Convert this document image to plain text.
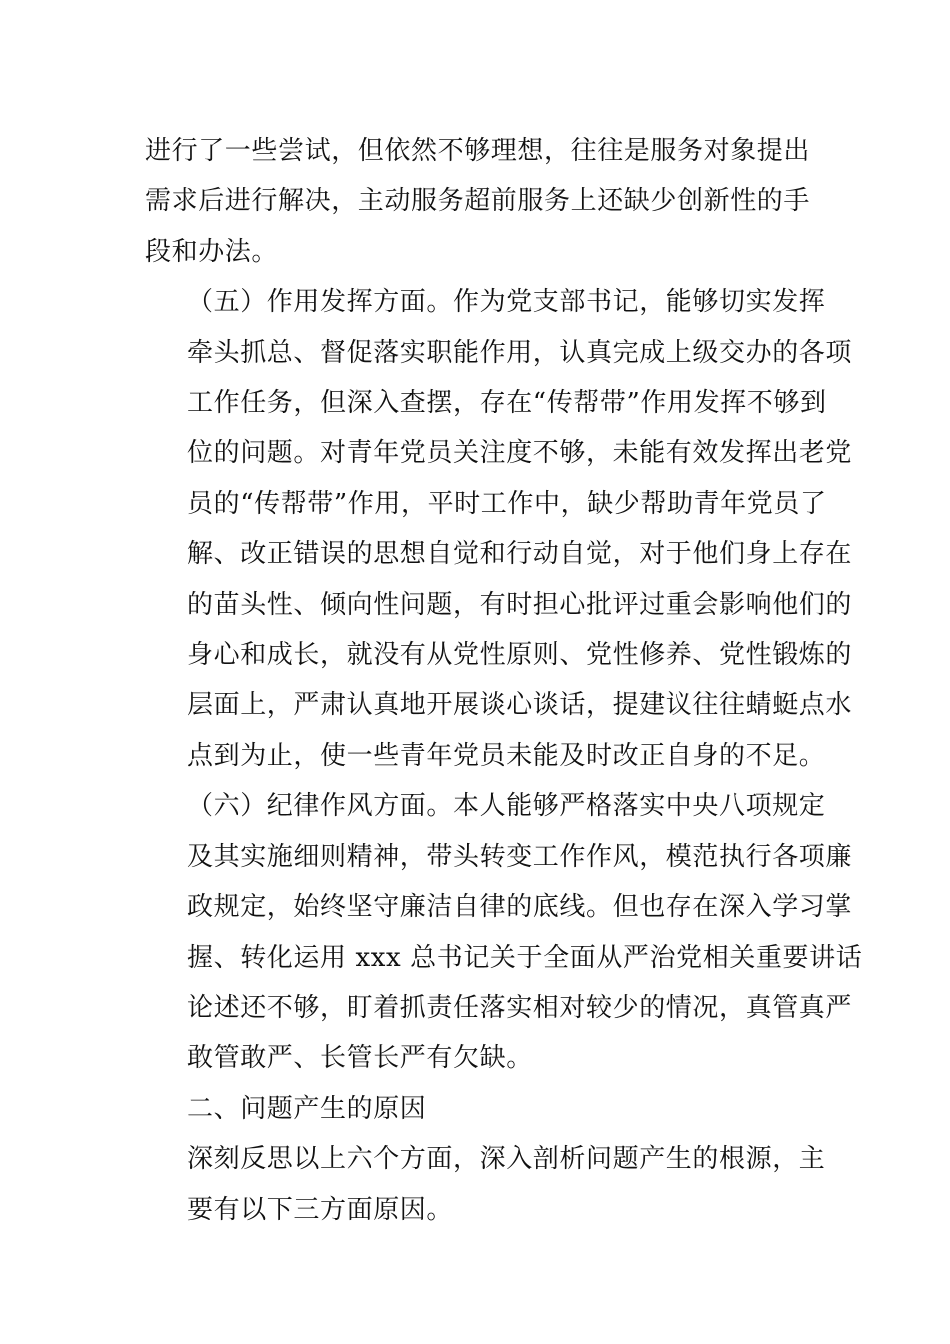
进行了一些尝试，但依然不够理想，往往是服务对象提出
需求后进行解决，主动服务超前服务上还缺少创新性的手
段和办法。

（五）作用发挥方面。作为党支部书记，能够切实发挥
牵头抓总、督促落实职能作用，认真完成上级交办的各项
工作任务，但深入查摆，存在“传帮带”作用发挥不够到
位的问题。对青年党员关注度不够，未能有效发挥出老党
员的“传帮带”作用，平时工作中，缺少帮助青年党员了
解、改正错误的思想自觉和行动自觉，对于他们身上存在
的苗头性、倾向性问题，有时担心批评过重会影响他们的
身心和成长，就没有从党性原则、党性修养、党性锻炼的
层面上，严肃认真地开展谈心谈话，提建议往往蜻蜓点水
点到为止，使一些青年党员未能及时改正自身的不足。

（六）纪律作风方面。本人能够严格落实中央八项规定
及其实施细则精神，带头转变工作作风，模范执行各项廉
政规定，始终坚守廉洁自律的底线。但也存在深入学习掌
握、转化运用 xxx 总书记关于全面从严治党相关重要讲话
论述还不够，盯着抓责任落实相对较少的情况，真管真严
敢管敢严、长管长严有欠缺。

二、问题产生的原因

深刻反思以上六个方面，深入剖析问题产生的根源，主
要有以下三方面原因。
